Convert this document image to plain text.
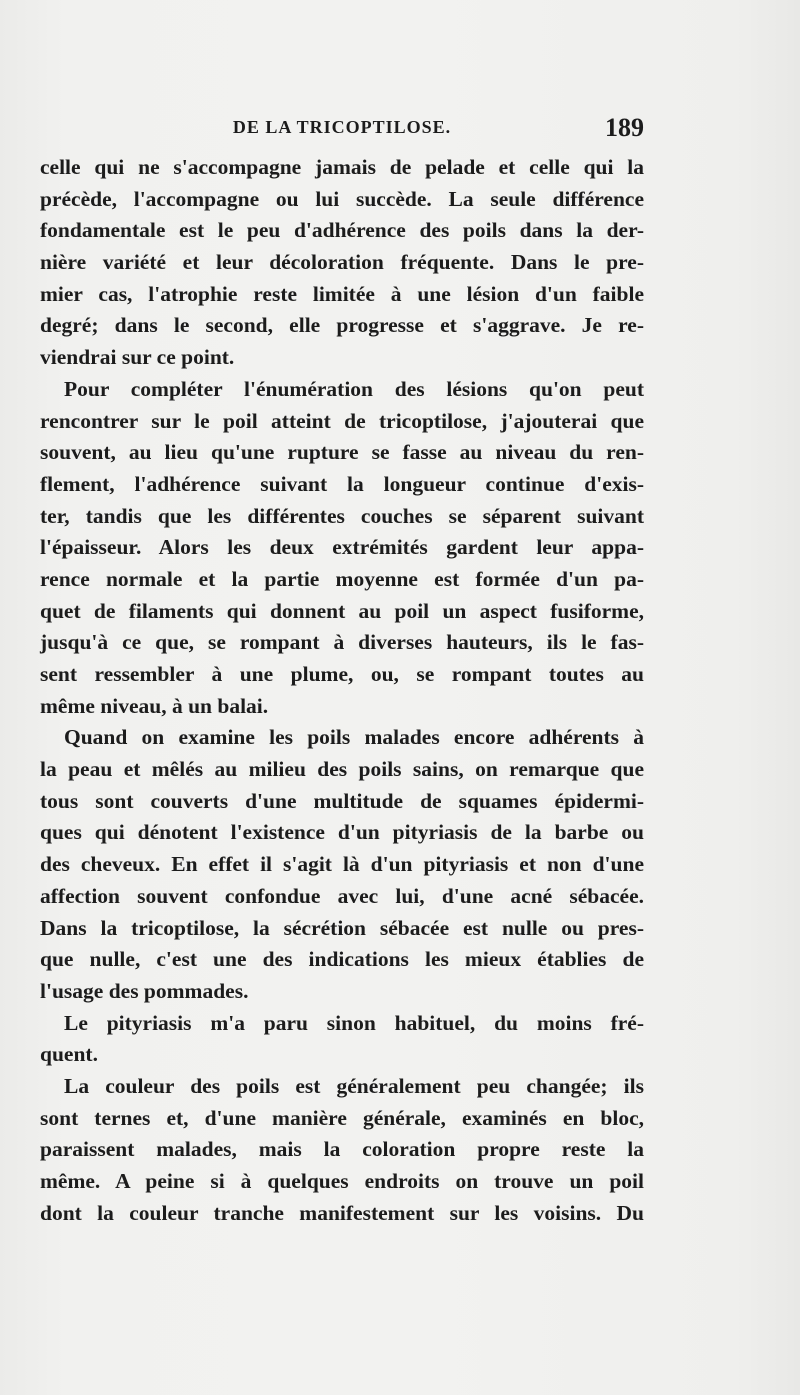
DE LA TRICOPTILOSE.	189
celle qui ne s'accompagne jamais de pelade et celle qui la
précède, l'accompagne ou lui succède. La seule différence
fondamentale est le peu d'adhérence des poils dans la der-
nière variété et leur décoloration fréquente. Dans le pre-
mier cas, l'atrophie reste limitée à une lésion d'un faible
degré; dans le second, elle progresse et s'aggrave. Je re-
viendrai sur ce point.
Pour compléter l'énumération des lésions qu'on peut
rencontrer sur le poil atteint de tricoptilose, j'ajouterai que
souvent, au lieu qu'une rupture se fasse au niveau du ren-
flement, l'adhérence suivant la longueur continue d'exis-
ter, tandis que les différentes couches se séparent suivant
l'épaisseur. Alors les deux extrémités gardent leur appa-
rence normale et la partie moyenne est formée d'un pa-
quet de filaments qui donnent au poil un aspect fusiforme,
jusqu'à ce que, se rompant à diverses hauteurs, ils le fas-
sent ressembler à une plume, ou, se rompant toutes au
même niveau, à un balai.
Quand on examine les poils malades encore adhérents à
la peau et mêlés au milieu des poils sains, on remarque que
tous sont couverts d'une multitude de squames épidermi-
ques qui dénotent l'existence d'un pityriasis de la barbe ou
des cheveux. En effet il s'agit là d'un pityriasis et non d'une
affection souvent confondue avec lui, d'une acné sébacée.
Dans la tricoptilose, la sécrétion sébacée est nulle ou pres-
que nulle, c'est une des indications les mieux établies de
l'usage des pommades.
Le pityriasis m'a paru sinon habituel, du moins fré-
quent.
La couleur des poils est généralement peu changée; ils
sont ternes et, d'une manière générale, examinés en bloc,
paraissent malades, mais la coloration propre reste la
même. A peine si à quelques endroits on trouve un poil
dont la couleur tranche manifestement sur les voisins. Du
